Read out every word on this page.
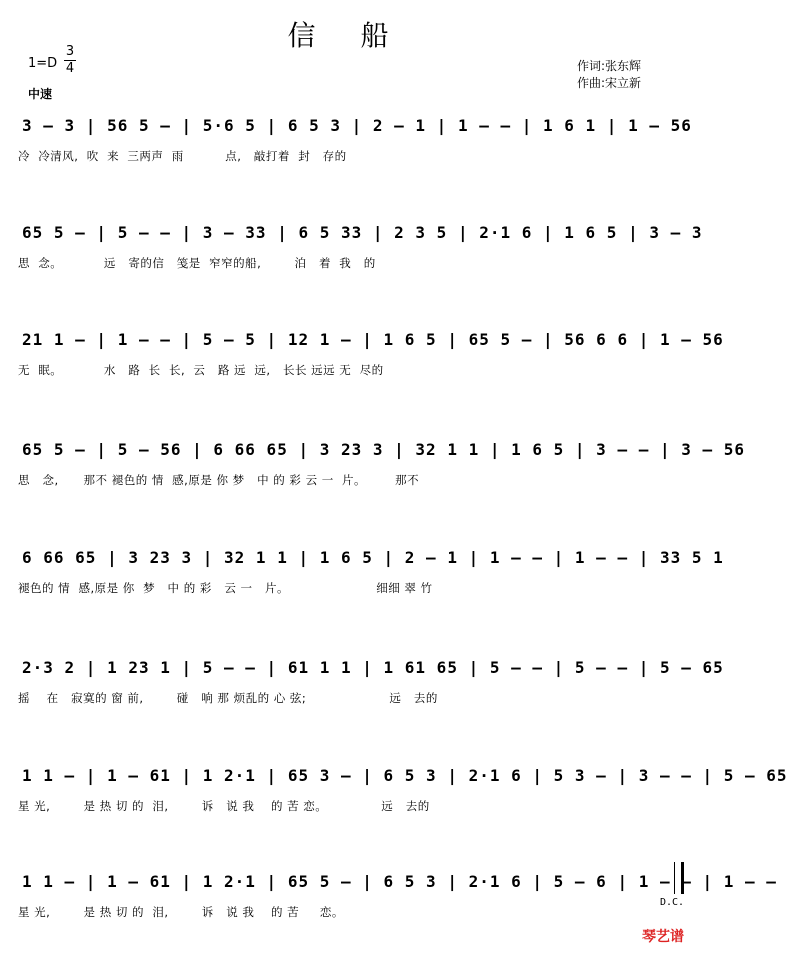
信 船
1=D
3
4
中速
作词:张东辉
作曲:宋立新
3 – 3 | 56 5 – | 5·6 5 | 6 5 3 | 2 – 1 | 1 – – | 1 6 1 | 1 – 56
冷  冷清风,  吹  来  三两声  雨          点,   敲打着  封   存的
65 5 – | 5 – – | 3 – 33 | 6 5 33 | 2 3 5 | 2·1 6 | 1 6 5 | 3 – 3
思  念。          远   寄的信   笺是  窄窄的船,        泊   着  我   的
21 1 – | 1 – – | 5 – 5 | 12 1 – | 1 6 5 | 65 5 – | 56 6 6 | 1 – 56
无  眠。          水   路  长  长,  云   路 远  远,   长长 远远 无  尽的
65 5 – | 5 – 56 | 6 66 65 | 3 23 3 | 32 1 1 | 1 6 5 | 3 – – | 3 – 56
思   念,      那不 褪色的 情  感,原是 你 梦   中 的 彩 云 一  片。       那不
6 66 65 | 3 23 3 | 32 1 1 | 1 6 5 | 2 – 1 | 1 – – | 1 – – | 33 5 1
褪色的 情  感,原是 你  梦   中 的 彩   云 一   片。                     细细 翠 竹
2·3 2 | 1 23 1 | 5 – – | 61 1 1 | 1 61 65 | 5 – – | 5 – – | 5 – 65
摇    在   寂寞的 窗 前,        碰   响 那 烦乱的 心 弦;                    远   去的
1 1 – | 1 – 61 | 1 2·1 | 65 3 – | 6 5 3 | 2·1 6 | 5 3 – | 3 – – | 5 – 65
星 光,        是 热 切 的  泪,        诉   说 我    的 苦 恋。             远   去的
1 1 – | 1 – 61 | 1 2·1 | 65 5 – | 6 5 3 | 2·1 6 | 5 – 6 | 1 – – | 1 – –
星 光,        是 热 切 的  泪,        诉   说 我    的 苦     恋。
D.C.
琴艺谱
